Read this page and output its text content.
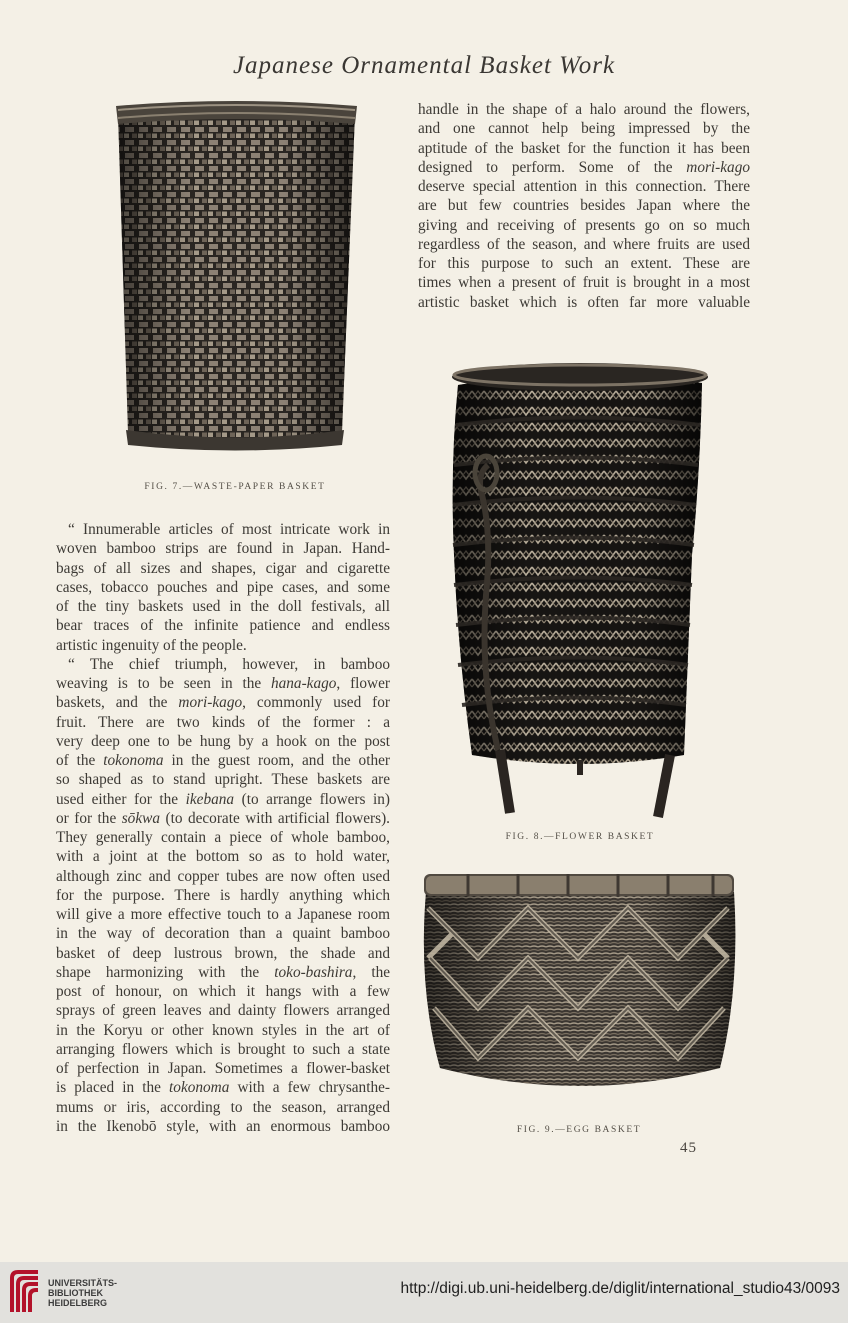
Japanese Ornamental Basket Work
FIG. 7.—WASTE-PAPER BASKET
handle in the shape of a halo around the flowers,
and one cannot help being impressed by the
aptitude of the basket for the function it has been
designed to perform. Some of the mori-kago
deserve special attention in this connection. There
are but few countries besides Japan where the
giving and receiving of presents go on so much
regardless of the season, and where fruits are used
for this purpose to such an extent. These are
times when a present of fruit is brought in a most
artistic basket which is often far more valuable
FIG. 8.—FLOWER BASKET
FIG. 9.—EGG BASKET
“ Innumerable articles of most intricate work in
woven bamboo strips are found in Japan. Hand-
bags of all sizes and shapes, cigar and cigarette
cases, tobacco pouches and pipe cases, and some
of the tiny baskets used in the doll festivals, all
bear traces of the infinite patience and endless
artistic ingenuity of the people.
“ The chief triumph, however, in bamboo
weaving is to be seen in the hana-kago, flower
baskets, and the mori-kago, commonly used for
fruit. There are two kinds of the former : a
very deep one to be hung by a hook on the post
of the tokonoma in the guest room, and the other
so shaped as to stand upright. These baskets are
used either for the ikebana (to arrange flowers in)
or for the sōkwa (to decorate with artificial flowers).
They generally contain a piece of whole bamboo,
with a joint at the bottom so as to hold water,
although zinc and copper tubes are now often used
for the purpose. There is hardly anything which
will give a more effective touch to a Japanese room
in the way of decoration than a quaint bamboo
basket of deep lustrous brown, the shade and
shape harmonizing with the toko-bashira, the
post of honour, on which it hangs with a few
sprays of green leaves and dainty flowers arranged
in the Koryu or other known styles in the art of
arranging flowers which is brought to such a state
of perfection in Japan. Sometimes a flower-basket
is placed in the tokonoma with a few chrysanthe-
mums or iris, according to the season, arranged
in the Ikenobō style, with an enormous bamboo
45
UNIVERSITÄTS-
BIBLIOTHEK
HEIDELBERG
http://digi.ub.uni-heidelberg.de/diglit/international_studio43/0093
